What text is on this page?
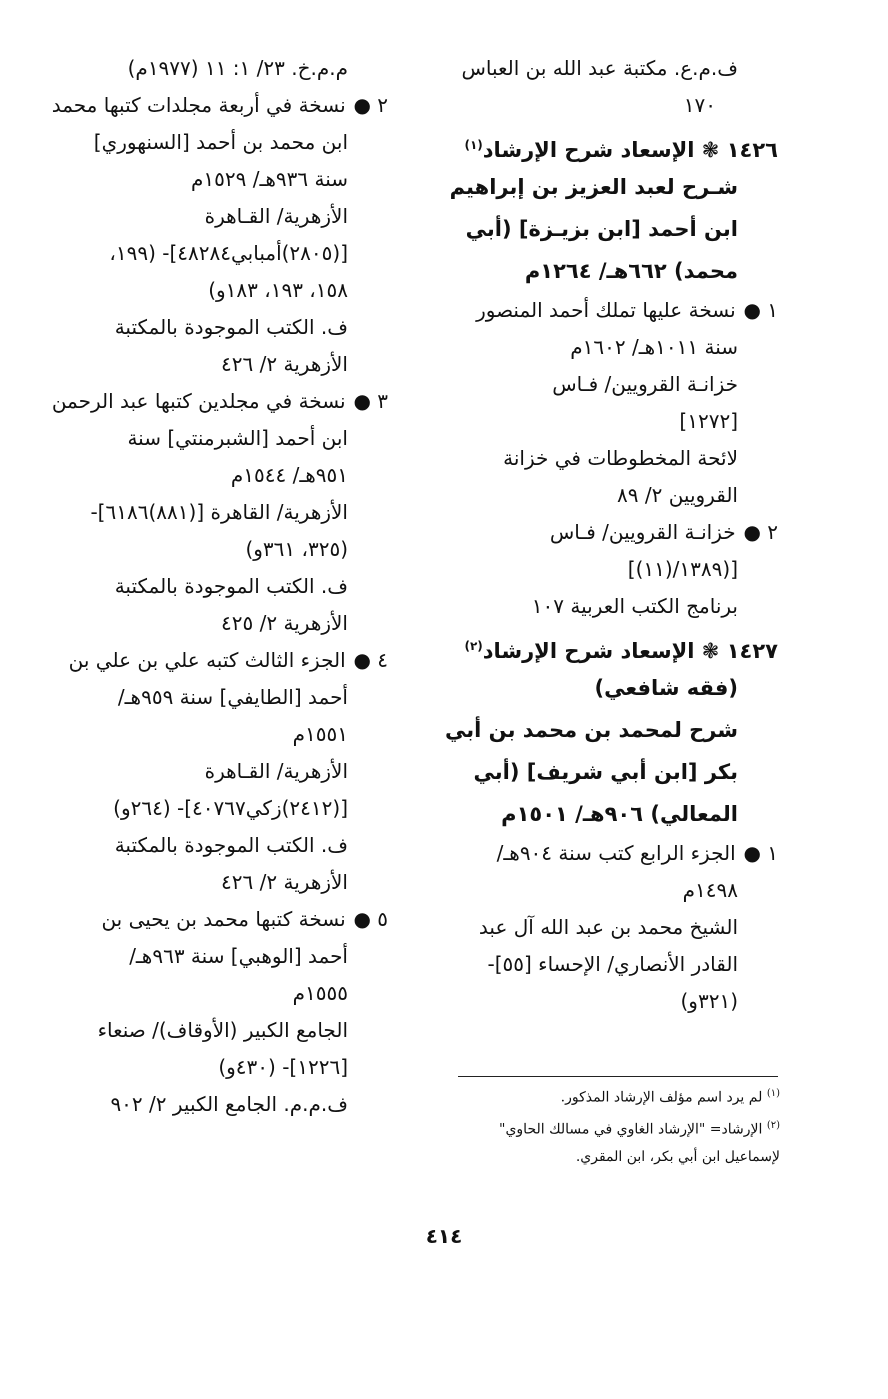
ف.م.ع. مكتبة عبد الله بن العباس
١٧٠
١٤٢٦ ❃ الإسعاد شرح الإرشاد$^{(١)}$
شـرح لعبد العزيز بن إبراهيم
ابن أحمد [ابن بزيـزة] (أبي
محمد) ٦٦٢هـ/ ١٢٦٤م
١ ● نسخة عليها تملك أحمد المنصور
سنة ١٠١١هـ/ ١٦٠٢م
خزانـة القرويين/ فـاس
[١٢٧٢]
لائحة المخطوطات في خزانة
القرويين ٢/ ٨٩
٢ ● خزانـة القرويين/ فـاس
[(١٣٨٩/(١١)]
برنامج الكتب العربية ١٠٧
١٤٢٧ ❃ الإسعاد شرح الإرشاد$^{(٢)}$
(فقه شافعي)
شرح لمحمد بن محمد بن أبي
بكر [ابن أبي شريف] (أبي
المعالي) ٩٠٦هـ/ ١٥٠١م
١ ● الجزء الرابع كتب سنة ٩٠٤هـ/
١٤٩٨م
الشيخ محمد بن عبد الله آل عبد
القادر الأنصاري/ الإحساء [٥٥]-
(٣٢١و)
م.م.خ. ٢٣/ ١: ١١ (١٩٧٧م)
٢ ● نسخة في أربعة مجلدات كتبها محمد
ابن محمد بن أحمد [السنهوري]
سنة ٩٣٦هـ/ ١٥٢٩م
الأزهرية/ القـاهرة
[(٢٨٠٥)أمبابي٤٨٢٨٤]- (١٩٩،
١٥٨، ١٩٣، ١٨٣و)
ف. الكتب الموجودة بالمكتبة
الأزهرية ٢/ ٤٢٦
٣ ● نسخة في مجلدين كتبها عبد الرحمن
ابن أحمد [الشبرمنتي] سنة
٩٥١هـ/ ١٥٤٤م
الأزهرية/ القاهرة [(٨٨١)٦١٨٦]-
(٣٢٥، ٣٦١و)
ف. الكتب الموجودة بالمكتبة
الأزهرية ٢/ ٤٢٥
٤ ● الجزء الثالث كتبه علي بن علي بن
أحمد [الطايفي] سنة ٩٥٩هـ/
١٥٥١م
الأزهرية/ القـاهرة
[(٢٤١٢)زكي٤٠٧٦٧]- (٢٦٤و)
ف. الكتب الموجودة بالمكتبة
الأزهرية ٢/ ٤٢٦
٥ ● نسخة كتبها محمد بن يحيى بن
أحمد [الوهبي] سنة ٩٦٣هـ/
١٥٥٥م
الجامع الكبير (الأوقاف)/ صنعاء
[١٢٢٦]- (٤٣٠و)
ف.م.م. الجامع الكبير ٢/ ٩٠٢	$^{(١)}$ لم يرد اسم مؤلف الإرشاد المذكور.
$^{(٢)}$ الإرشاد= "الإرشاد الغاوي في مسالك الحاوي"
لإسماعيل ابن أبي بكر، ابن المقري.
٤١٤
